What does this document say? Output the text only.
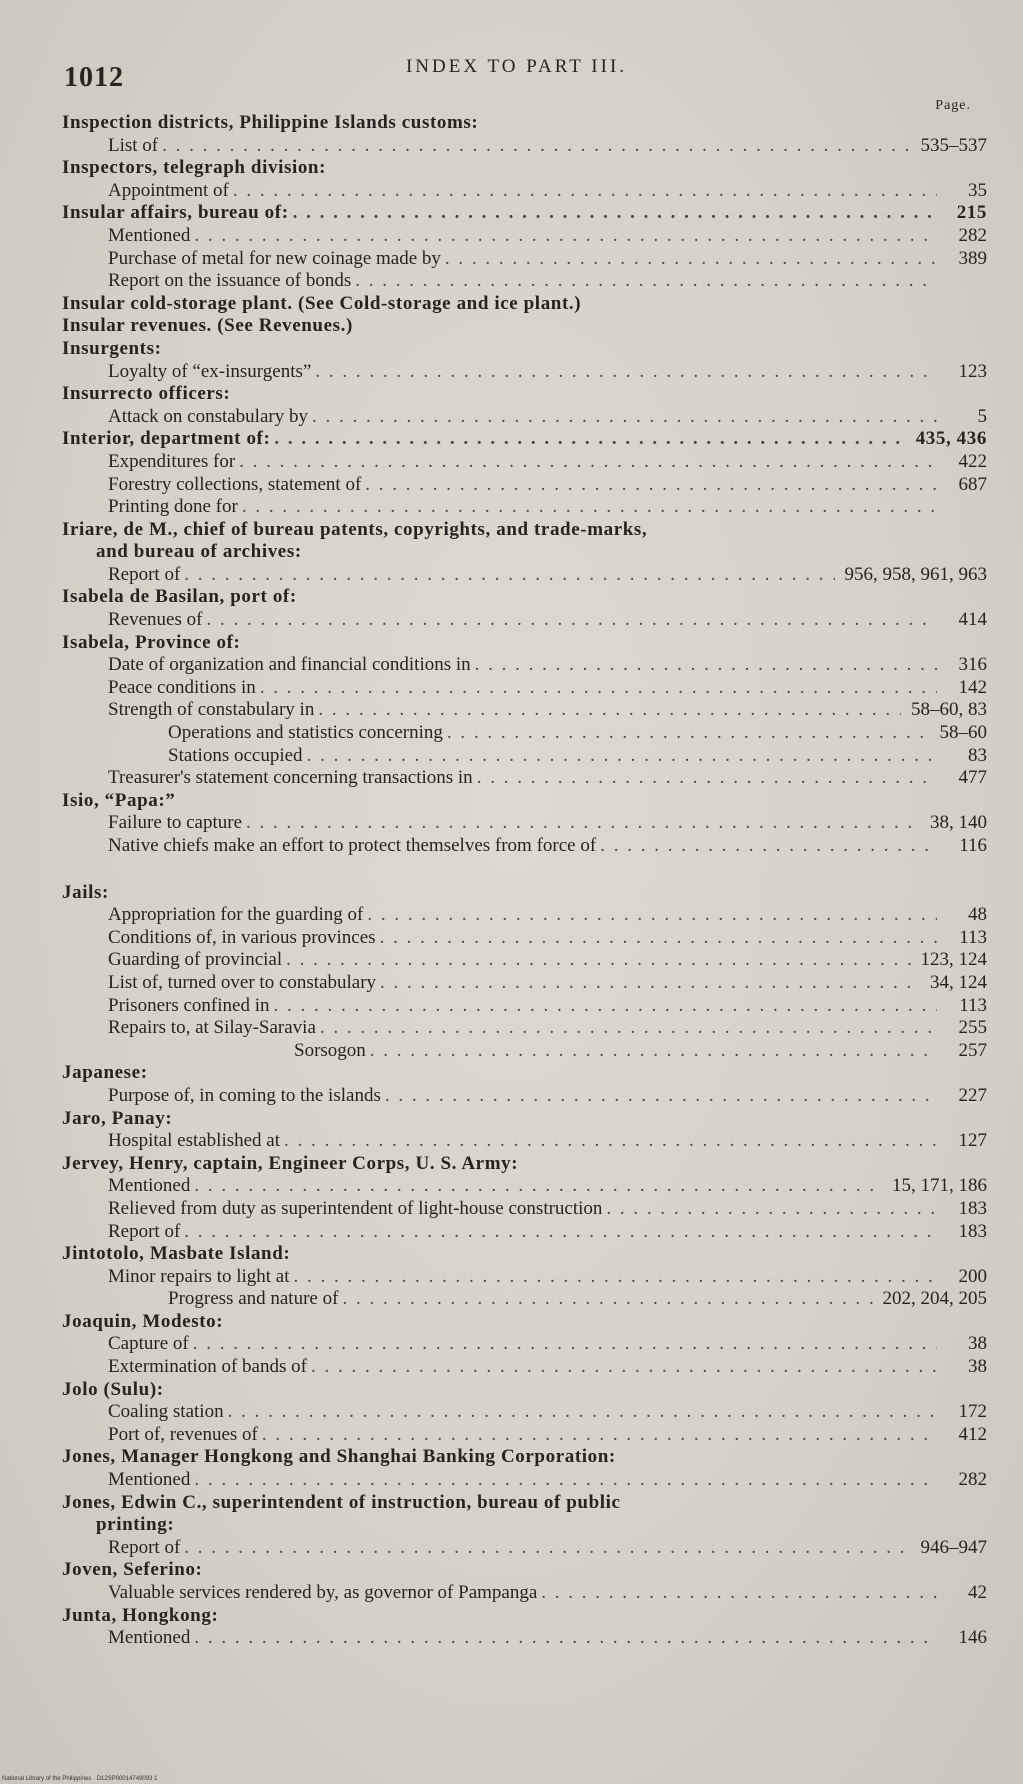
1012	INDEX TO PART III.
Page.
Inspection districts, Philippine Islands customs:
List of . . .	535–537
Inspectors, telegraph division:
Appointment of . . .	35
Insular affairs, bureau of: . . .	215
Mentioned . . .	282
Purchase of metal for new coinage made by . . .	389
Report on the issuance of bonds
. . .
Insular cold-storage plant. (See Cold-storage and ice plant.)
Insular revenues. (See Revenues.)
Insurgents:
Loyalty of “ex-insurgents” . . .	123
Insurrecto officers:
Attack on constabulary by . . .	5
Interior, department of: . . .	435, 436
Expenditures for . . .	422
Forestry collections, statement of . . .	687
Printing done for
. . .
Iriare, de M., chief of bureau patents, copyrights, and trade-marks,
and bureau of archives:
Report of . . .	956, 958, 961, 963
Isabela de Basilan, port of:
Revenues of . . .	414
Isabela, Province of:
Date of organization and financial conditions in . . .	316
Peace conditions in . . .	142
Strength of constabulary in . . .	58–60, 83
Operations and statistics concerning . . .	58–60
Stations occupied . . .	83
Treasurer's statement concerning transactions in . . .	477
Isio, “Papa:”
Failure to capture . . .	38, 140
Native chiefs make an effort to protect themselves from force of . . .	116
Jails:
Appropriation for the guarding of . . .	48
Conditions of, in various provinces . . .	113
Guarding of provincial . . .	123, 124
List of, turned over to constabulary . . .	34, 124
Prisoners confined in . . .	113
Repairs to, at Silay-Saravia . . .	255
Sorsogon . . .	257
Japanese:
Purpose of, in coming to the islands . . .	227
Jaro, Panay:
Hospital established at . . .	127
Jervey, Henry, captain, Engineer Corps, U. S. Army:
Mentioned . . .	15, 171, 186
Relieved from duty as superintendent of light-house construction . . .	183
Report of . . .	183
Jintotolo, Masbate Island:
Minor repairs to light at . . .	200
Progress and nature of . . .	202, 204, 205
Joaquin, Modesto:
Capture of . . .	38
Extermination of bands of . . .	38
Jolo (Sulu):
Coaling station . . .	172
Port of, revenues of . . .	412
Jones, Manager Hongkong and Shanghai Banking Corporation:
Mentioned . . .	282
Jones, Edwin C., superintendent of instruction, bureau of public
printing:
Report of . . .	946–947
Joven, Seferino:
Valuable services rendered by, as governor of Pampanga . . .	42
Junta, Hongkong:
Mentioned . . .	146
National Library of the Philippines · D12SP00014749093 1
